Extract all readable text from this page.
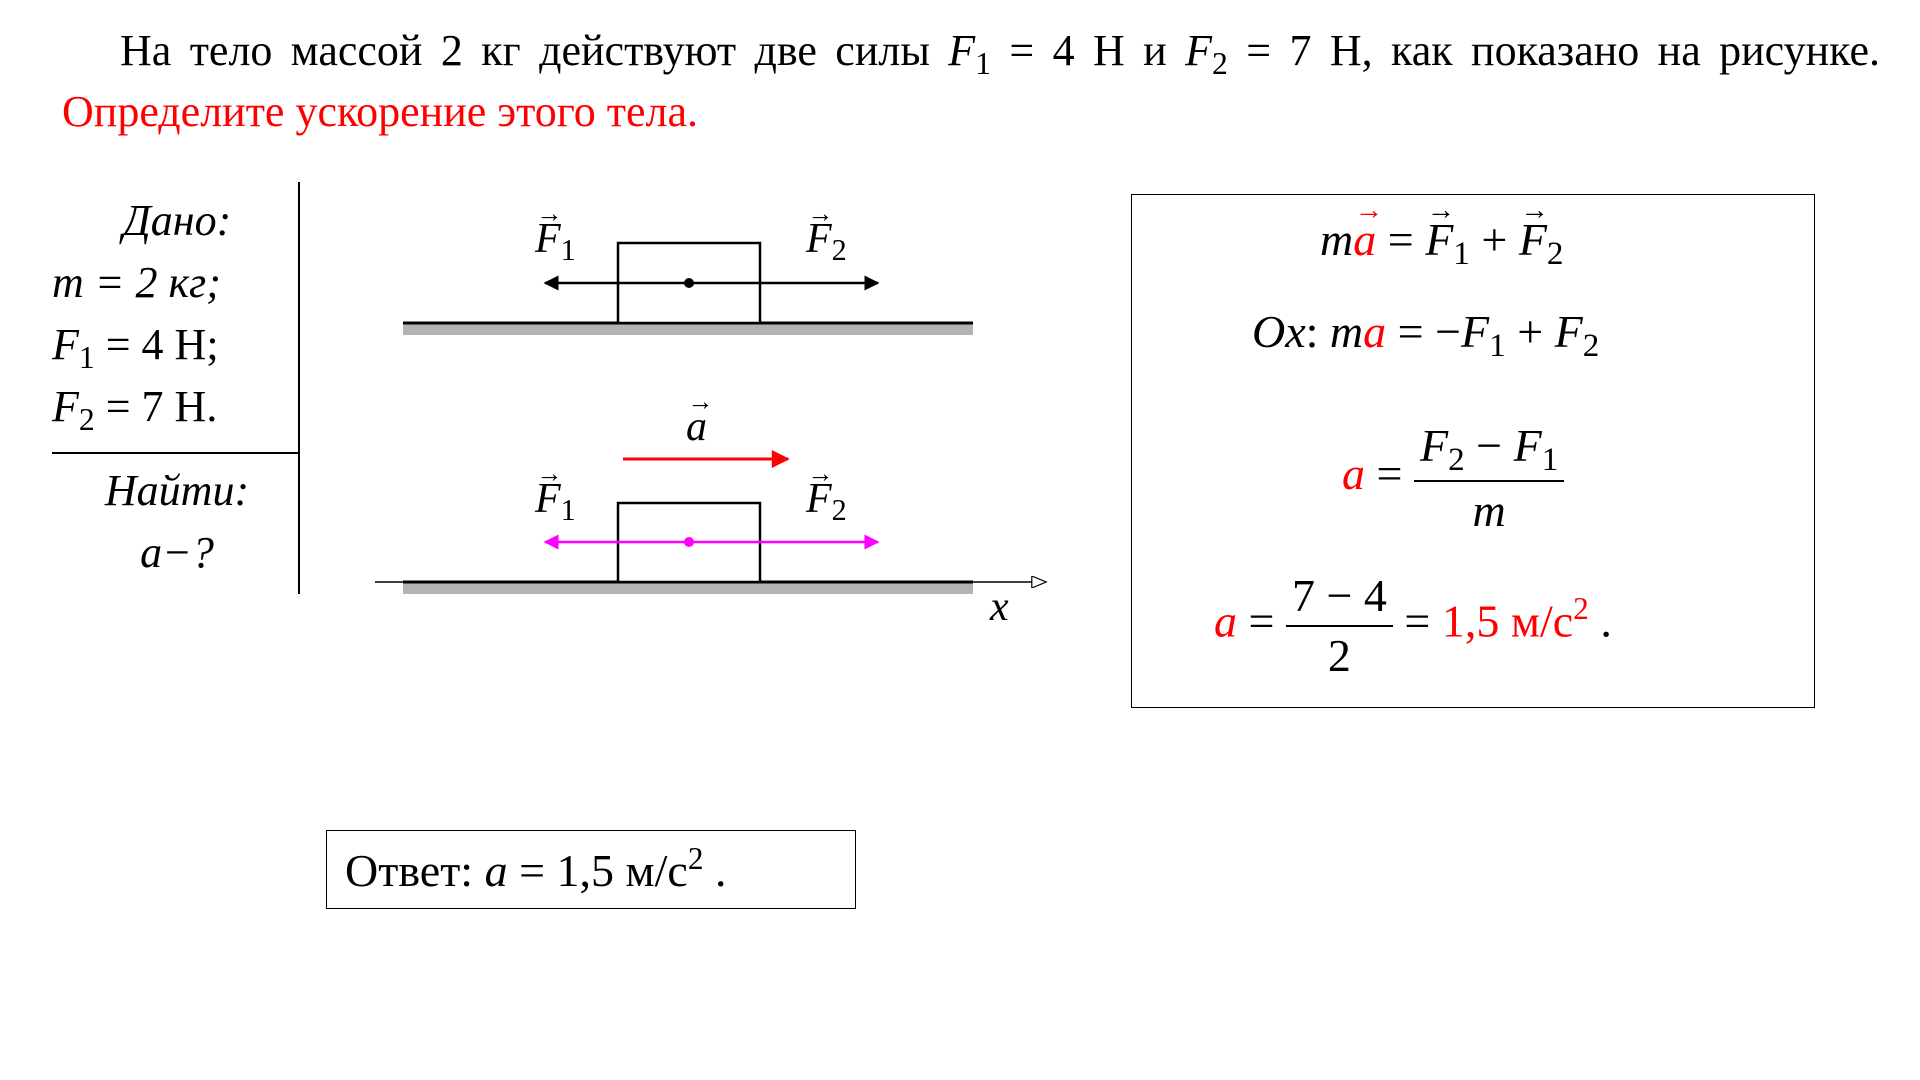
На тело массой 2 кг действуют две силы $F_1 = 4$ Н и $F_2 = 7$ Н, как показано на рисунке. Определите ускорение этого тела.
Дано:
m = 2 кг;
$F_1 = 4$ Н;
$F_2 = 7$ Н.
Найти:
a−?
→ $F_1$	→ $F_2$
→ a
→ $F_1$	→ $F_2$
x
m→ a = → $F_1$ + → $F_2$
Ox: ma = $-F_1 + F_2$
$a = \frac{F_2 - F_1}{m}$
$a = \frac{7 - 4}{2} = 1,5$ $м/с^2$ .
Ответ: a = 1,5 $м/с^2$ .
